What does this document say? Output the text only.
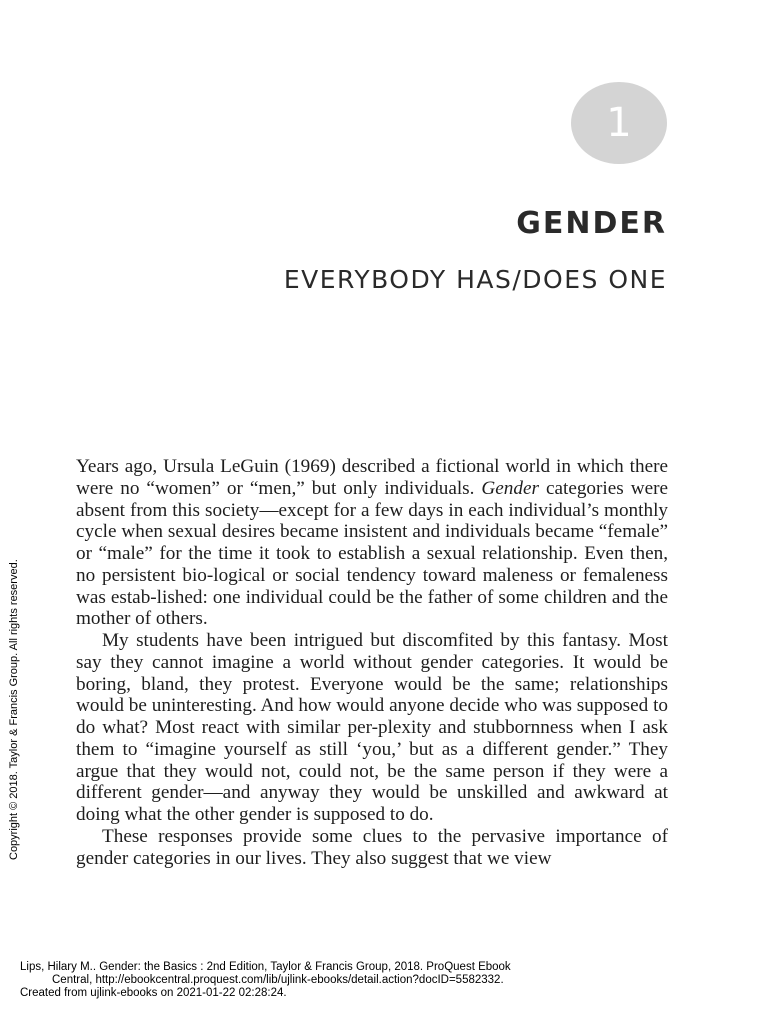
1
GENDER
EVERYBODY HAS/DOES ONE

Years ago, Ursula LeGuin (1969) described a fictional world in which there were no “women” or “men,” but only individuals. Gender categories were absent from this society—except for a few days in each individual’s monthly cycle when sexual desires became insistent and individuals became “female” or “male” for the time it took to establish a sexual relationship. Even then, no persistent bio-logical or social tendency toward maleness or femaleness was estab-lished: one individual could be the father of some children and the mother of others.

My students have been intrigued but discomfited by this fantasy. Most say they cannot imagine a world without gender categories. It would be boring, bland, they protest. Everyone would be the same; relationships would be uninteresting. And how would anyone decide who was supposed to do what? Most react with similar per-plexity and stubbornness when I ask them to “imagine yourself as still ‘you,’ but as a different gender.” They argue that they would not, could not, be the same person if they were a different gender—and anyway they would be unskilled and awkward at doing what the other gender is supposed to do.

These responses provide some clues to the pervasive importance of gender categories in our lives. They also suggest that we view

Copyright © 2018. Taylor & Francis Group. All rights reserved.
Lips, Hilary M.. Gender: the Basics : 2nd Edition, Taylor & Francis Group, 2018. ProQuest Ebook
Central, http://ebookcentral.proquest.com/lib/ujlink-ebooks/detail.action?docID=5582332.
Created from ujlink-ebooks on 2021-01-22 02:28:24.
